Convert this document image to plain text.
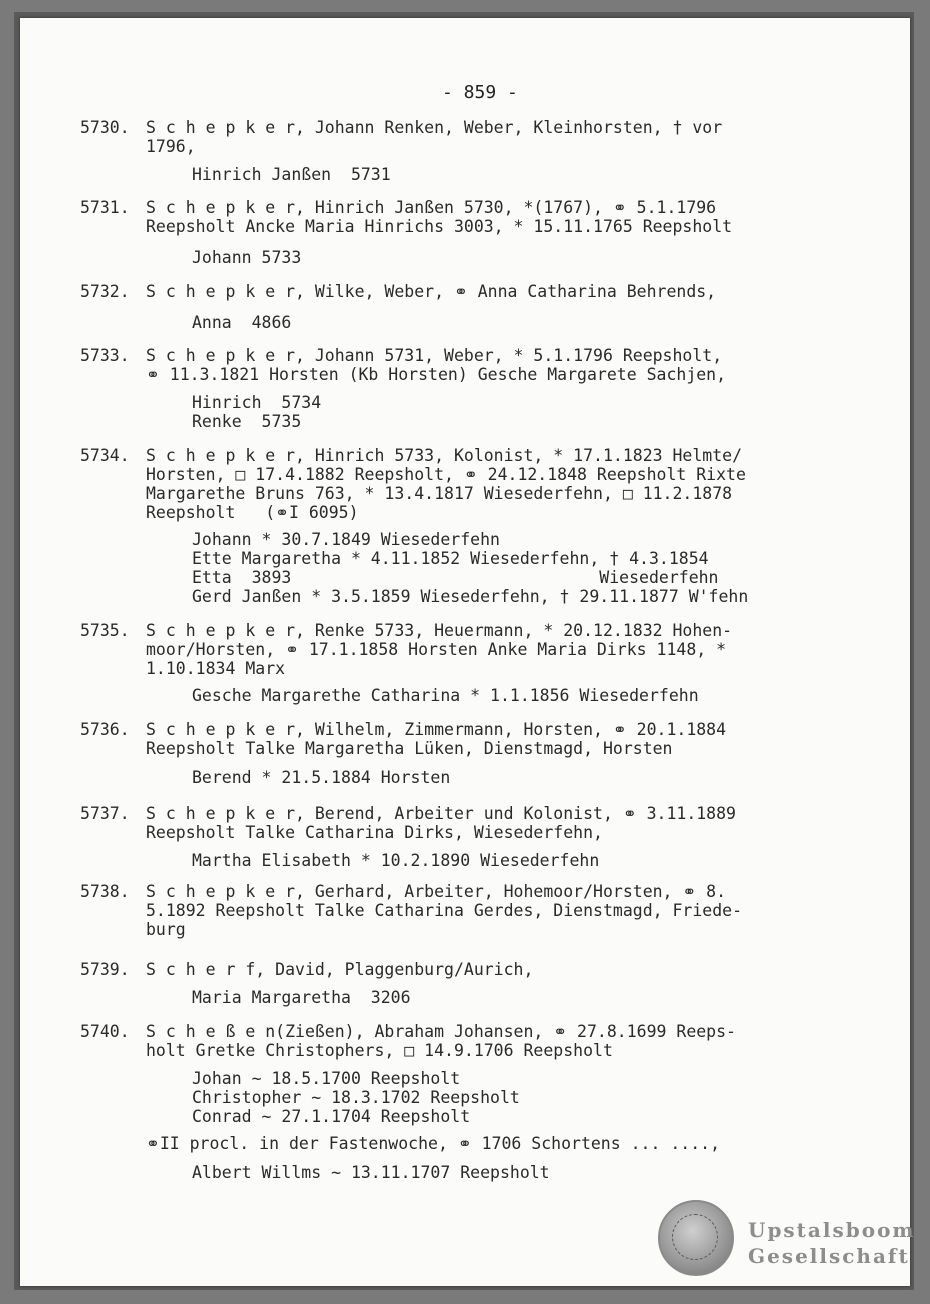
- 859 -
5730. S c h e p k e r, Johann Renken, Weber, Kleinhorsten, † vor
1796,
Hinrich Janßen  5731
5731. S c h e p k e r, Hinrich Janßen 5730, *(1767), ⚭ 5.1.1796
Reepsholt Ancke Maria Hinrichs 3003, * 15.11.1765 Reepsholt
Johann 5733
5732. S c h e p k e r, Wilke, Weber, ⚭ Anna Catharina Behrends,
Anna  4866
5733. S c h e p k e r, Johann 5731, Weber, * 5.1.1796 Reepsholt,
⚭ 11.3.1821 Horsten (Kb Horsten) Gesche Margarete Sachjen,
Hinrich  5734
Renke  5735
5734. S c h e p k e r, Hinrich 5733, Kolonist, * 17.1.1823 Helmte/
Horsten, □ 17.4.1882 Reepsholt, ⚭ 24.12.1848 Reepsholt Rixte
Margarethe Bruns 763, * 13.4.1817 Wiesederfehn, □ 11.2.1878
Reepsholt   (⚭I 6095)
Johann * 30.7.1849 Wiesederfehn
Ette Margaretha * 4.11.1852 Wiesederfehn, † 4.3.1854
Etta  3893                               Wiesederfehn
Gerd Janßen * 3.5.1859 Wiesederfehn, † 29.11.1877 W'fehn
5735. S c h e p k e r, Renke 5733, Heuermann, * 20.12.1832 Hohen-
moor/Horsten, ⚭ 17.1.1858 Horsten Anke Maria Dirks 1148, *
1.10.1834 Marx
Gesche Margarethe Catharina * 1.1.1856 Wiesederfehn
5736. S c h e p k e r, Wilhelm, Zimmermann, Horsten, ⚭ 20.1.1884
Reepsholt Talke Margaretha Lüken, Dienstmagd, Horsten
Berend * 21.5.1884 Horsten
5737. S c h e p k e r, Berend, Arbeiter und Kolonist, ⚭ 3.11.1889
Reepsholt Talke Catharina Dirks, Wiesederfehn,
Martha Elisabeth * 10.2.1890 Wiesederfehn
5738. S c h e p k e r, Gerhard, Arbeiter, Hohemoor/Horsten, ⚭ 8.
5.1892 Reepsholt Talke Catharina Gerdes, Dienstmagd, Friede-
burg
5739. S c h e r f, David, Plaggenburg/Aurich,
Maria Margaretha  3206
5740. S c h e ß e n(Zießen), Abraham Johansen, ⚭ 27.8.1699 Reeps-
holt Gretke Christophers, □ 14.9.1706 Reepsholt
Johan ~ 18.5.1700 Reepsholt
Christopher ~ 18.3.1702 Reepsholt
Conrad ~ 27.1.1704 Reepsholt
⚭II procl. in der Fastenwoche, ⚭ 1706 Schortens ... ....,
Albert Willms ~ 13.11.1707 Reepsholt
Upstalsboom
Gesellschaft
